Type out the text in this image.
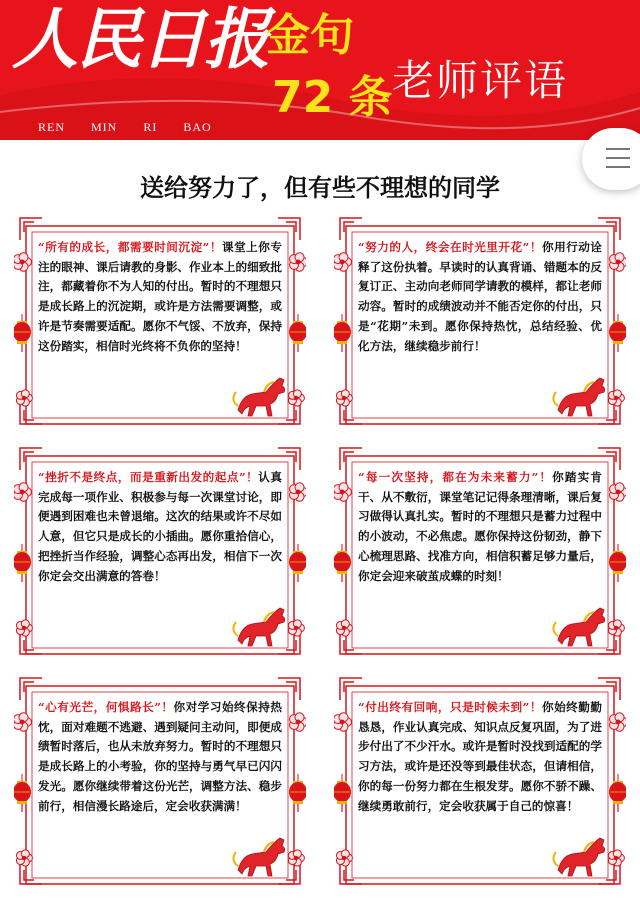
人民日报
REN MIN RI BAO
金句
72 条 老师评语
送给努力了，但有些不理想的同学
“所有的成长，都需要时间沉淀”！课堂上你专注的眼神、课后请教的身影、作业本上的细致批注，都藏着你不为人知的付出。暂时的不理想只是成长路上的沉淀期，或许是方法需要调整，或许是节奏需要适配。愿你不气馁、不放弃，保持这份踏实，相信时光终将不负你的坚持！
“努力的人，终会在时光里开花”！你用行动诠释了这份执着。早读时的认真背诵、错题本的反复订正、主动向老师同学请教的模样，都让老师动容。暂时的成绩波动并不能否定你的付出，只是“花期”未到。愿你保持热忱，总结经验、优化方法，继续稳步前行！
“挫折不是终点，而是重新出发的起点”！认真完成每一项作业、积极参与每一次课堂讨论，即便遇到困难也未曾退缩。这次的结果或许不尽如人意，但它只是成长的小插曲。愿你重拾信心，把挫折当作经验，调整心态再出发，相信下一次你定会交出满意的答卷！
“每一次坚持，都在为未来蓄力”！你踏实肯干、从不敷衍，课堂笔记记得条理清晰，课后复习做得认真扎实。暂时的不理想只是蓄力过程中的小波动，不必焦虑。愿你保持这份韧劲，静下心梳理思路、找准方向，相信积蓄足够力量后，你定会迎来破茧成蝶的时刻！
“心有光芒，何惧路长”！你对学习始终保持热忱，面对难题不逃避、遇到疑问主动问，即便成绩暂时落后，也从未放弃努力。暂时的不理想只是成长路上的小考验，你的坚持与勇气早已闪闪发光。愿你继续带着这份光芒，调整方法、稳步前行，相信漫长路途后，定会收获满满！
“付出终有回响，只是时候未到”！你始终勤勤恳恳，作业认真完成、知识点反复巩固，为了进步付出了不少汗水。或许是暂时没找到适配的学习方法，或许是还没等到最佳状态，但请相信，你的每一份努力都在生根发芽。愿你不骄不躁、继续勇敢前行，定会收获属于自己的惊喜！
